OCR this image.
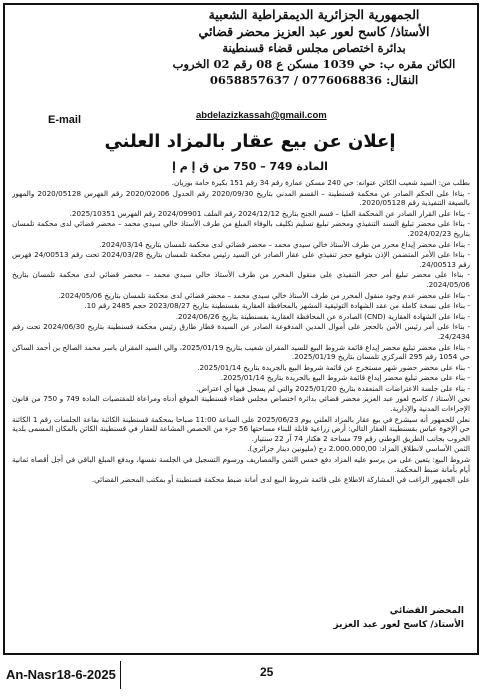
الجمهورية الجزائرية الديمقراطية الشعبية
الأستاذ/ كاسح لعور عبد العزيز محضر قضائي
بدائرة اختصاص مجلس قضاء قسنطينة
الكائن مقره ب: حي 1039 مسكن ع 08 رقم 02 الخروب
النقال: 0658857637 / 0776068836
E-mail	abdelazizkassah@gmail.com
إعلان عن بيع عقار بالمزاد العلني
المادة 749 – 750 من ق إ م إ

بطلب من: السيد شعيب الكائن عنوانه: حي 240 مسكن عمارة رقم 34 رقم 151 بكيرة حامة بوزيان.

- بناءا على الحكم الصادر عن محكمة قسنطينة – القسم المدني بتاريخ 2020/09/30 رقم الجدول 2020/02006 رقم الفهرس 2020/05128 والمهور بالصيغة التنفيذية رقم 2020/05128.

- بناءا على القرار الصادر عن المحكمة العليا – قسم الجنح بتاريخ 2024/12/12 رقم الملف 2024/09901 رقم الفهرس 2025/10351.

- بناءا على محضر تبليغ السند التنفيذي ومحضر تبليغ تسليم تكليف بالوفاء المبلغ من طرف الأستاذ خالي سيدي محمد – محضر قضائي لدى محكمة تلمسان بتاريخ 2024/02/23.

- بناءا على محضر إيداع محرر من طرف الأستاذ خالي سيدي محمد – محضر قضائي لدى محكمة تلمسان بتاريخ 2024/03/14.

- بناءا على الأمر المتضمن الإذن بتوقيع حجز تنفيذي على عقار الصادر عن السيد رئيس محكمة تلمسان بتاريخ 2024/03/28 تحت رقم 24/00513 فهرس رقم 24/00513.

- بناءا على محضر تبليغ أمر حجز التنفيذي على منقول المحرر من طرف الأستاذ خالي سيدي محمد – محضر قضائي لدى محكمة تلمسان بتاريخ 2024/05/06.

- بناءا على محضر عدم وجود منقول المحرر من طرف الأستاذ خالي سيدي محمد – محضر قضائي لدى محكمة تلمسان بتاريخ 2024/05/06.

- بناءا على نسخة كاملة من عقد الشهادة التوثيقية المشهر بالمحافظة العقارية بقسنطينة بتاريخ 2023/08/27 حجم 2485 رقم 10.

- بناءا على الشهادة العقارية (CND) الصادرة عن المحافظة العقارية بقسنطينة بتاريخ 2024/06/26.

- بناءا على أمر رئيس الأمن بالحجز على أموال المدين المدفوعة الصادر عن السيدة قطار طارق رئيس محكمة قسنطينة بتاريخ 2024/06/30 تحت رقم 24/2434.

- بناءا على محضر تبليغ محضر إيداع قائمة شروط البيع للسيد المقران شعيب بتاريخ 2025/01/19، والي السيد المقران باسر محمد الصالح بن أحمد الساكن حي 1054 رقم 295 المركزي تلمسان بتاريخ 2025/01/19.

- بناء على محضر حضور شهر مستخرج عن قائمة شروط البيع بالجريدة بتاريخ 2025/01/14.

- بناء على محضر تبليغ محضر إيداع قائمة شروط البيع بالجريدة بتاريخ 2025/01/14.

- بناء على جلسة الاعتراضات المنعقدة بتاريخ 2025/01/20 والتي لم يسجل فيها أي اعتراض.

نحن الأستاذ / كاسح لعور عبد العزيز محضر قضائي بدائرة اختصاص مجلس قضاء قسنطينة الموقع أدناه ومراعاة للمقتضيات المادة 749 و 750 من قانون الإجراءات المدنية والإدارية.

نعلن للجمهور أنه سيشرع في بيع عقار بالمزاد العلني يوم 2025/06/23 على الساعة 11:00 صباحا بمحكمة قسنطينة الكائنة بقاعة الجلسات رقم 1 الكائنة حي الإخوة عباس بقسنطينة العقار التالي: أرض زراعية قابلة للبناء مساحتها 56 جزء من الحصص المشاعة للعقار في قسنطينة الكائن بالمكان المسمى بلدية الخروب بجانب الطريق الوطني رقم 79 مساحة 2 هكتار 74 آر 22 سنتيار.

الثمن الأساسي لانطلاق المزاد: 2.000.000,00 دج (مليونين دينار جزائري).

شروط البيع: يتعين على من يرسو عليه المزاد دفع خمس الثمن والمصاريف ورسوم التسجيل في الجلسة نفسها، ويدفع المبلغ الباقي في أجل أقصاه ثمانية أيام بأمانة ضبط المحكمة.

على الجمهور الراغب في المشاركة الاطلاع على قائمة شروط البيع لدى أمانة ضبط محكمة قسنطينة أو بمكتب المحضر القضائي.

المحضر القضائي
الأستاذ/ كاسح لعور عبد العزيز
An-Nasr18-6-2025	25
